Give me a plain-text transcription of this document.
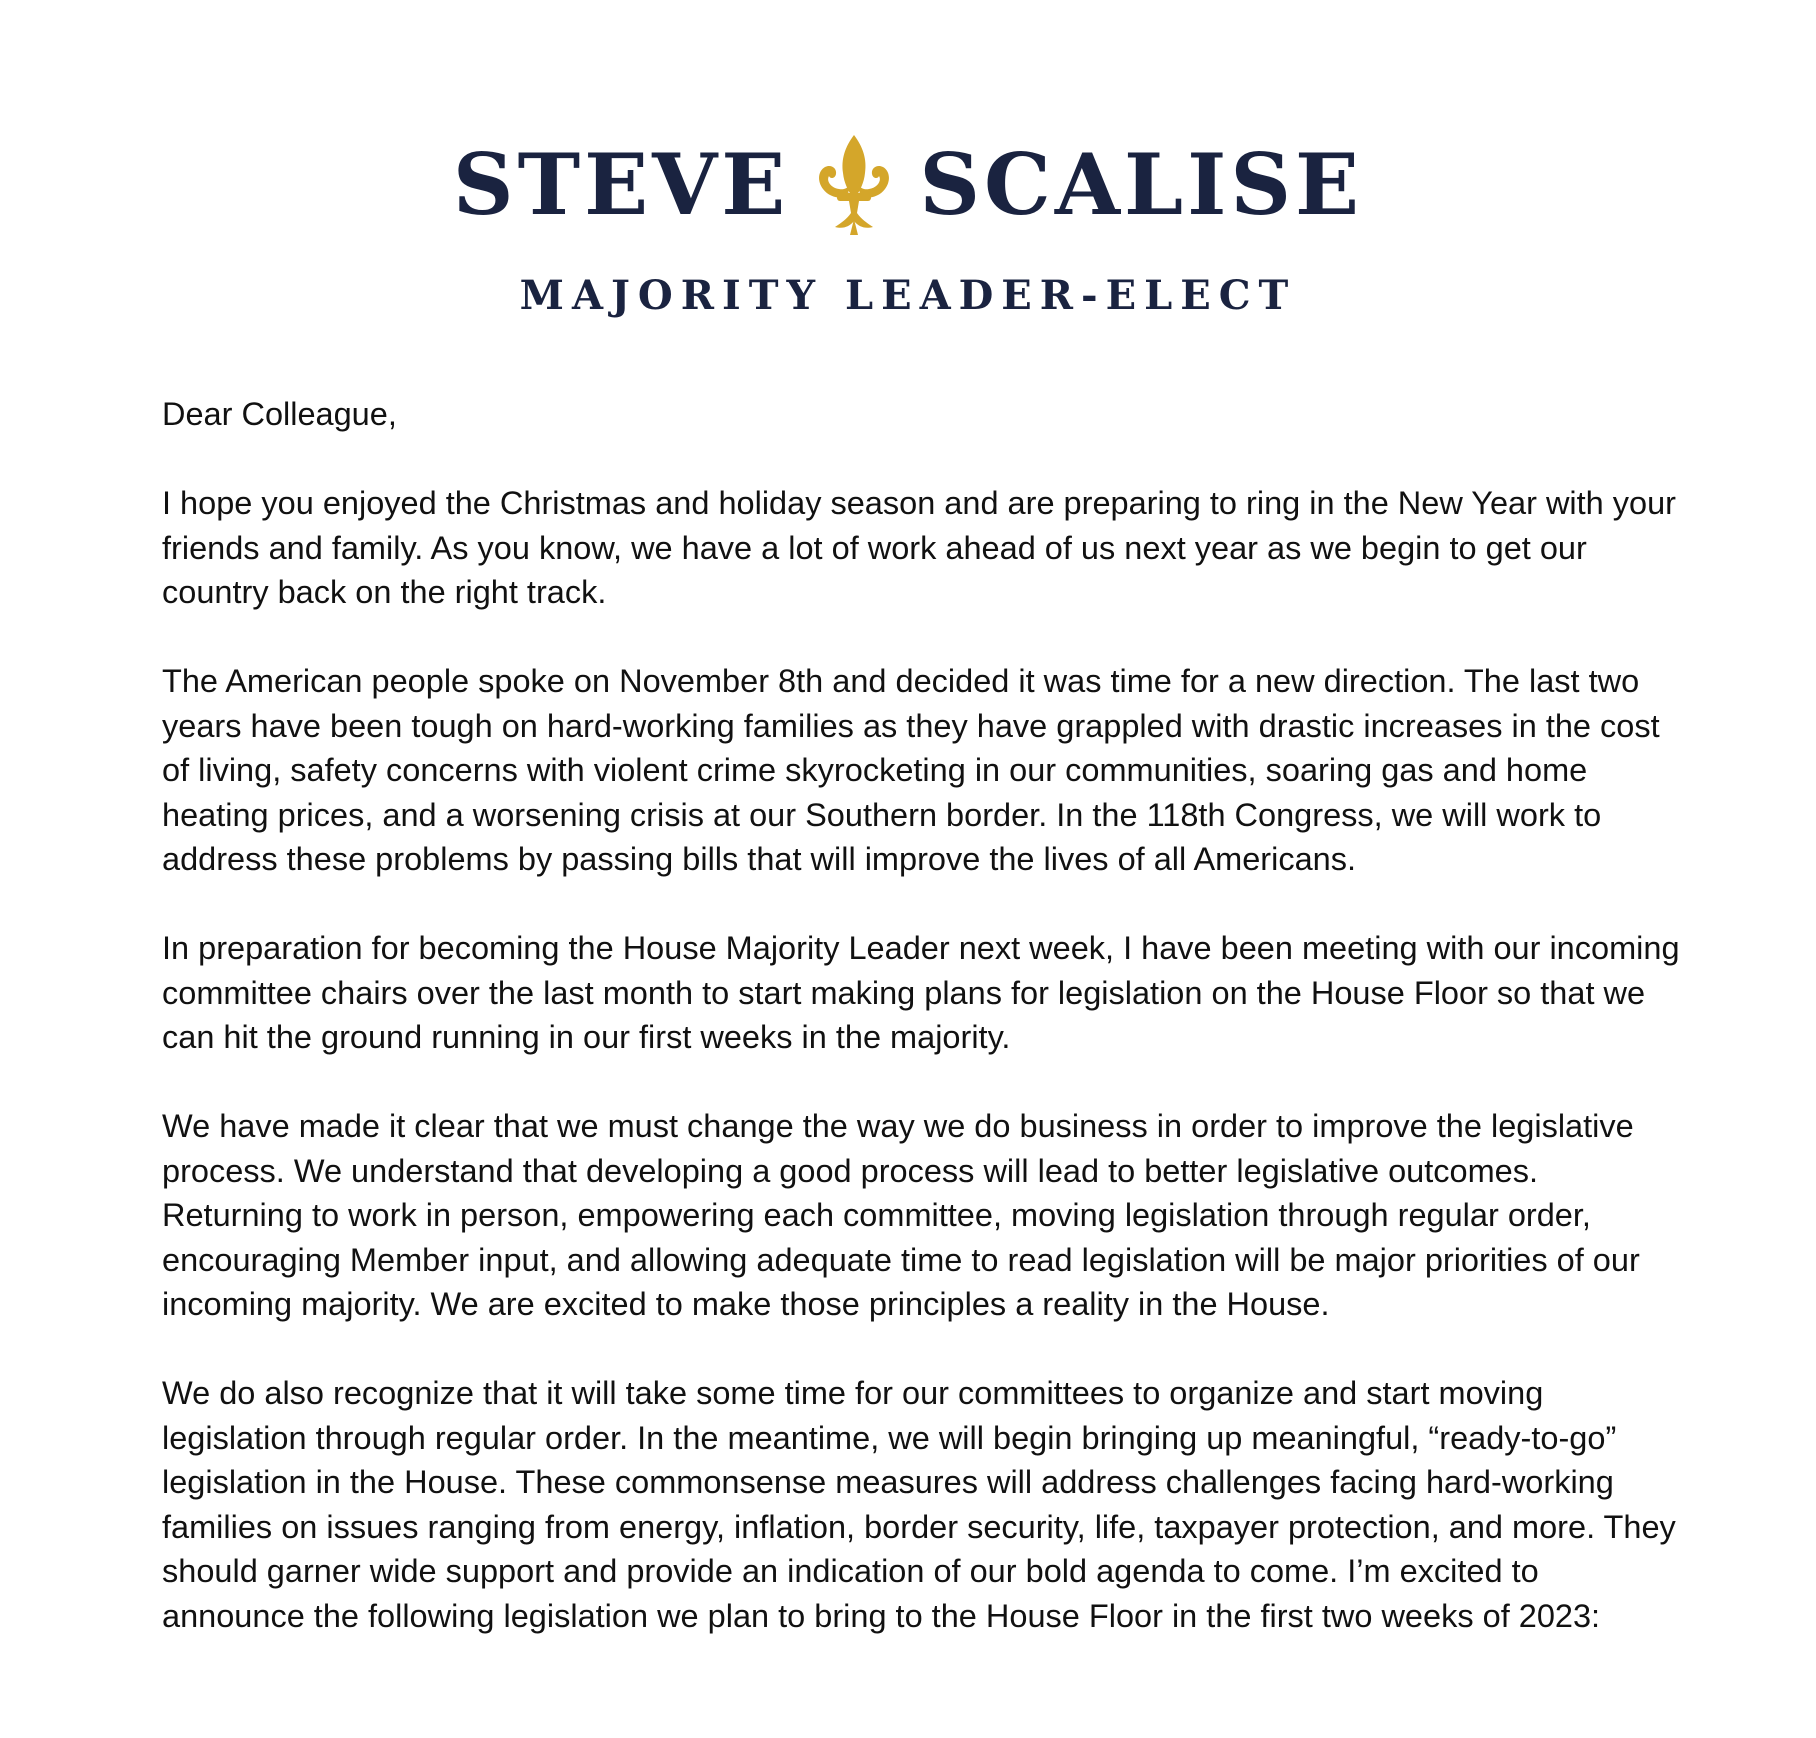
STEVE SCALISE
MAJORITY LEADER-ELECT

Dear Colleague,

I hope you enjoyed the Christmas and holiday season and are preparing to ring in the New Year with your friends and family. As you know, we have a lot of work ahead of us next year as we begin to get our country back on the right track.

The American people spoke on November 8th and decided it was time for a new direction. The last two years have been tough on hard-working families as they have grappled with drastic increases in the cost of living, safety concerns with violent crime skyrocketing in our communities, soaring gas and home heating prices, and a worsening crisis at our Southern border. In the 118th Congress, we will work to address these problems by passing bills that will improve the lives of all Americans.

In preparation for becoming the House Majority Leader next week, I have been meeting with our incoming committee chairs over the last month to start making plans for legislation on the House Floor so that we can hit the ground running in our first weeks in the majority.

We have made it clear that we must change the way we do business in order to improve the legislative process. We understand that developing a good process will lead to better legislative outcomes. Returning to work in person, empowering each committee, moving legislation through regular order, encouraging Member input, and allowing adequate time to read legislation will be major priorities of our incoming majority. We are excited to make those principles a reality in the House.

We do also recognize that it will take some time for our committees to organize and start moving legislation through regular order. In the meantime, we will begin bringing up meaningful, “ready-to-go” legislation in the House. These commonsense measures will address challenges facing hard-working families on issues ranging from energy, inflation, border security, life, taxpayer protection, and more. They should garner wide support and provide an indication of our bold agenda to come. I’m excited to announce the following legislation we plan to bring to the House Floor in the first two weeks of 2023:
